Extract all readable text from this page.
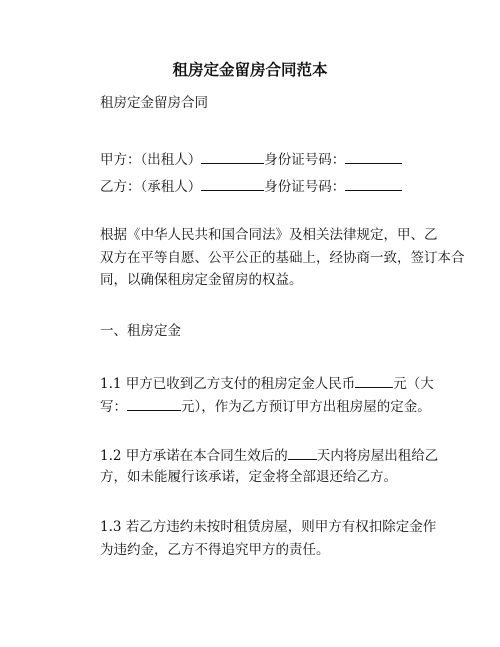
租房定金留房合同范本
租房定金留房合同
甲方：（出租人）	身份证号码：
乙方：（承租人）	身份证号码：
根据《中华人民共和国合同法》及相关法律规定，甲、乙
双方在平等自愿、公平公正的基础上，经协商一致，签订本合
同，以确保租房定金留房的权益。
一、租房定金
1.1 甲方已收到乙方支付的租房定金人民币	元（大
写：	元），作为乙方预订甲方出租房屋的定金。
1.2 甲方承诺在本合同生效后的 天内将房屋出租给乙
方，如未能履行该承诺，定金将全部退还给乙方。
1.3 若乙方违约未按时租赁房屋，则甲方有权扣除定金作
为违约金，乙方不得追究甲方的责任。
